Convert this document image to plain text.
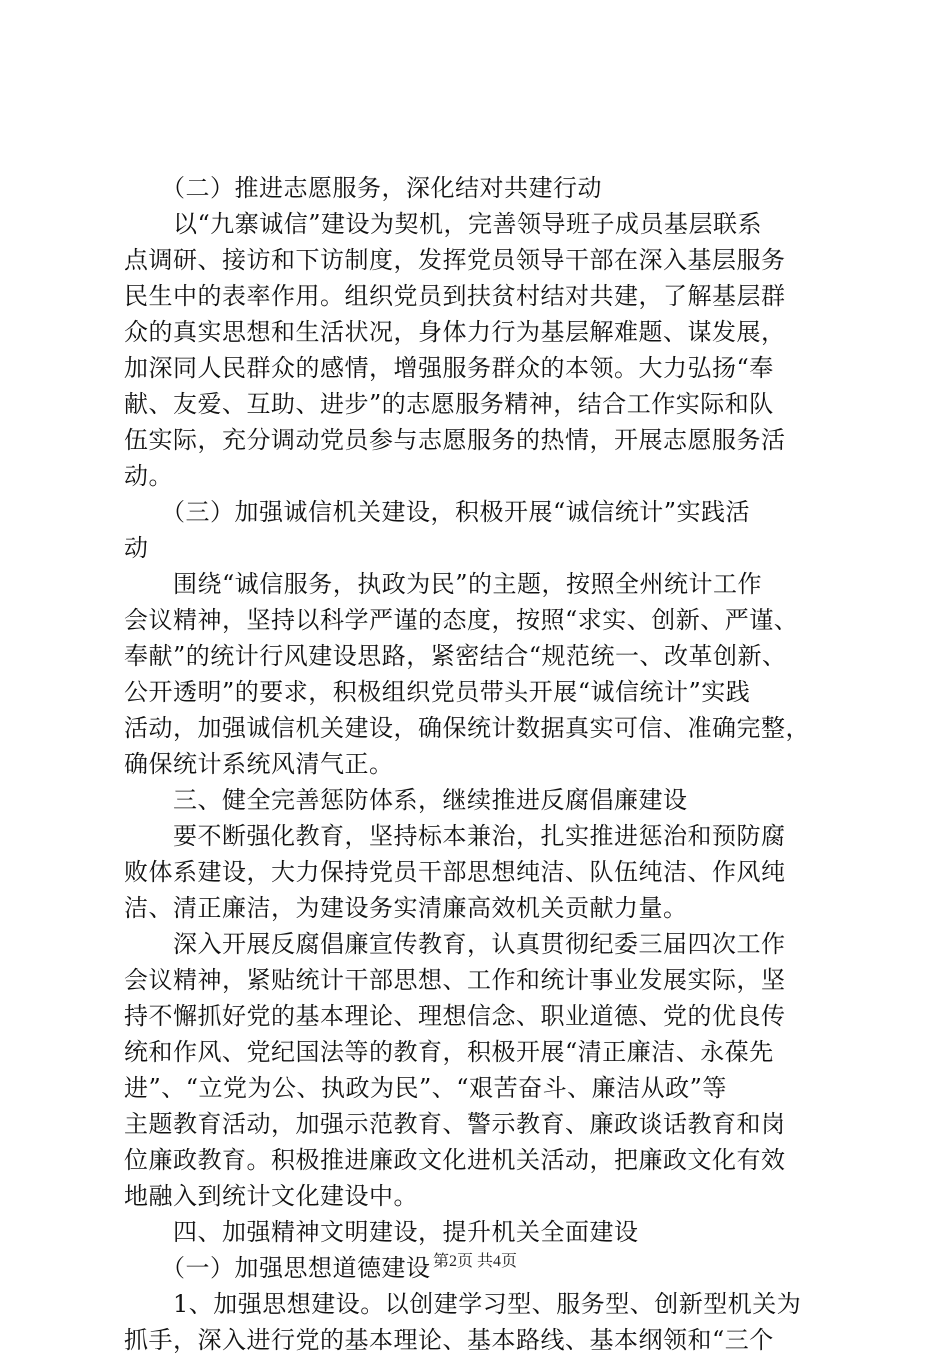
　　（二）推进志愿服务，深化结对共建行动
　　以“九寨诚信”建设为契机，完善领导班子成员基层联系
点调研、接访和下访制度，发挥党员领导干部在深入基层服务
民生中的表率作用。组织党员到扶贫村结对共建，了解基层群
众的真实思想和生活状况，身体力行为基层解难题、谋发展，
加深同人民群众的感情，增强服务群众的本领。大力弘扬“奉
献、友爱、互助、进步”的志愿服务精神，结合工作实际和队
伍实际，充分调动党员参与志愿服务的热情，开展志愿服务活
动。
　　（三）加强诚信机关建设，积极开展“诚信统计”实践活
动
　　围绕“诚信服务，执政为民”的主题，按照全州统计工作
会议精神，坚持以科学严谨的态度，按照“求实、创新、严谨、
奉献”的统计行风建设思路，紧密结合“规范统一、改革创新、
公开透明”的要求，积极组织党员带头开展“诚信统计”实践
活动，加强诚信机关建设，确保统计数据真实可信、准确完整，
确保统计系统风清气正。
　　三、健全完善惩防体系，继续推进反腐倡廉建设
　　要不断强化教育，坚持标本兼治，扎实推进惩治和预防腐
败体系建设，大力保持党员干部思想纯洁、队伍纯洁、作风纯
洁、清正廉洁，为建设务实清廉高效机关贡献力量。
　　深入开展反腐倡廉宣传教育，认真贯彻纪委三届四次工作
会议精神，紧贴统计干部思想、工作和统计事业发展实际，坚
持不懈抓好党的基本理论、理想信念、职业道德、党的优良传
统和作风、党纪国法等的教育，积极开展“清正廉洁、永葆先
进”、“立党为公、执政为民”、“艰苦奋斗、廉洁从政”等
主题教育活动，加强示范教育、警示教育、廉政谈话教育和岗
位廉政教育。积极推进廉政文化进机关活动，把廉政文化有效
地融入到统计文化建设中。
　　四、加强精神文明建设，提升机关全面建设
　　（一）加强思想道德建设
　　1、加强思想建设。以创建学习型、服务型、创新型机关为
抓手，深入进行党的基本理论、基本路线、基本纲领和“三个
第2页 共4页
